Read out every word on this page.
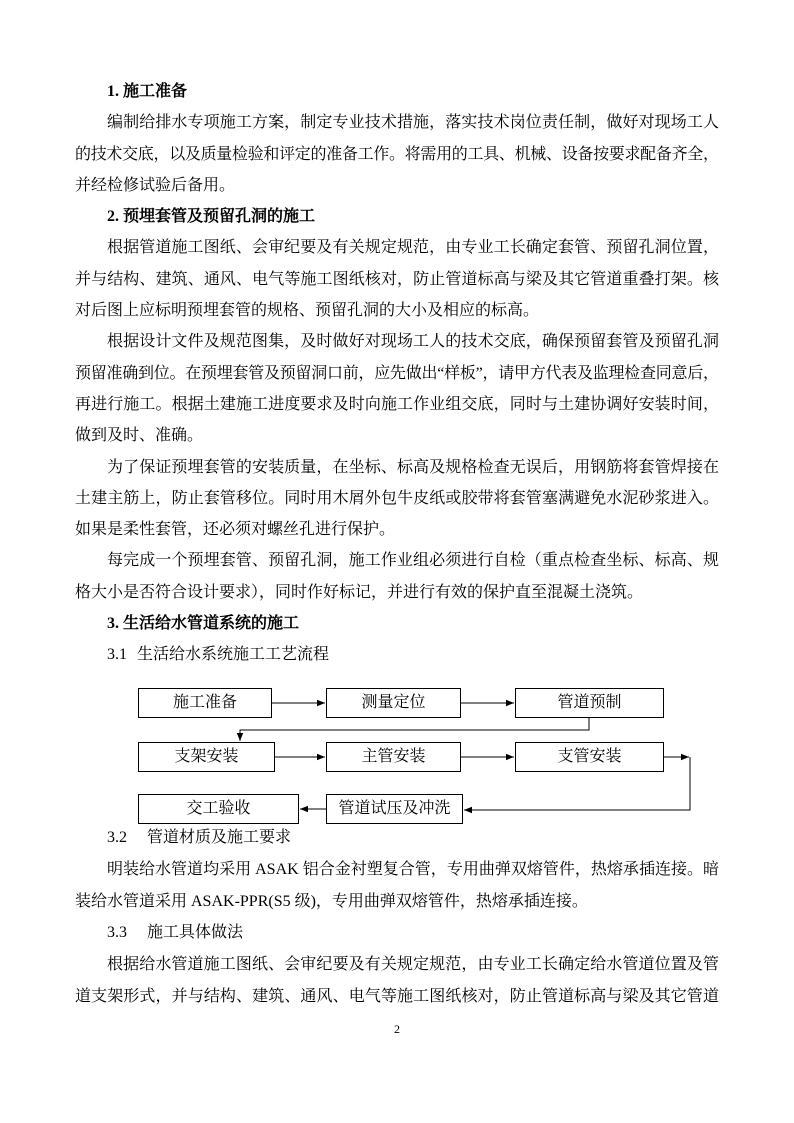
1. 施工准备
编制给排水专项施工方案，制定专业技术措施，落实技术岗位责任制，做好对现场工人
的技术交底，以及质量检验和评定的准备工作。将需用的工具、机械、设备按要求配备齐全，
并经检修试验后备用。
2. 预埋套管及预留孔洞的施工
根据管道施工图纸、会审纪要及有关规定规范，由专业工长确定套管、预留孔洞位置，
并与结构、建筑、通风、电气等施工图纸核对，防止管道标高与梁及其它管道重叠打架。核
对后图上应标明预埋套管的规格、预留孔洞的大小及相应的标高。
根据设计文件及规范图集，及时做好对现场工人的技术交底，确保预留套管及预留孔洞
预留准确到位。在预埋套管及预留洞口前，应先做出“样板”，请甲方代表及监理检查同意后，
再进行施工。根据土建施工进度要求及时向施工作业组交底，同时与土建协调好安装时间，
做到及时、准确。
为了保证预埋套管的安装质量，在坐标、标高及规格检查无误后，用钢筋将套管焊接在
土建主筋上，防止套管移位。同时用木屑外包牛皮纸或胶带将套管塞满避免水泥砂浆进入。
如果是柔性套管，还必须对螺丝孔进行保护。
每完成一个预埋套管、预留孔洞，施工作业组必须进行自检（重点检查坐标、标高、规
格大小是否符合设计要求），同时作好标记，并进行有效的保护直至混凝土浇筑。
3. 生活给水管道系统的施工
3.1 生活给水系统施工工艺流程
施工准备	测量定位	管道预制
支架安装	主管安装	支管安装
交工验收	管道试压及冲洗
3.2  管道材质及施工要求
明装给水管道均采用 ASAK 铝合金衬塑复合管，专用曲弹双熔管件，热熔承插连接。暗
装给水管道采用 ASAK-PPR(S5 级)，专用曲弹双熔管件，热熔承插连接。
3.3  施工具体做法
根据给水管道施工图纸、会审纪要及有关规定规范，由专业工长确定给水管道位置及管
道支架形式，并与结构、建筑、通风、电气等施工图纸核对，防止管道标高与梁及其它管道
2
